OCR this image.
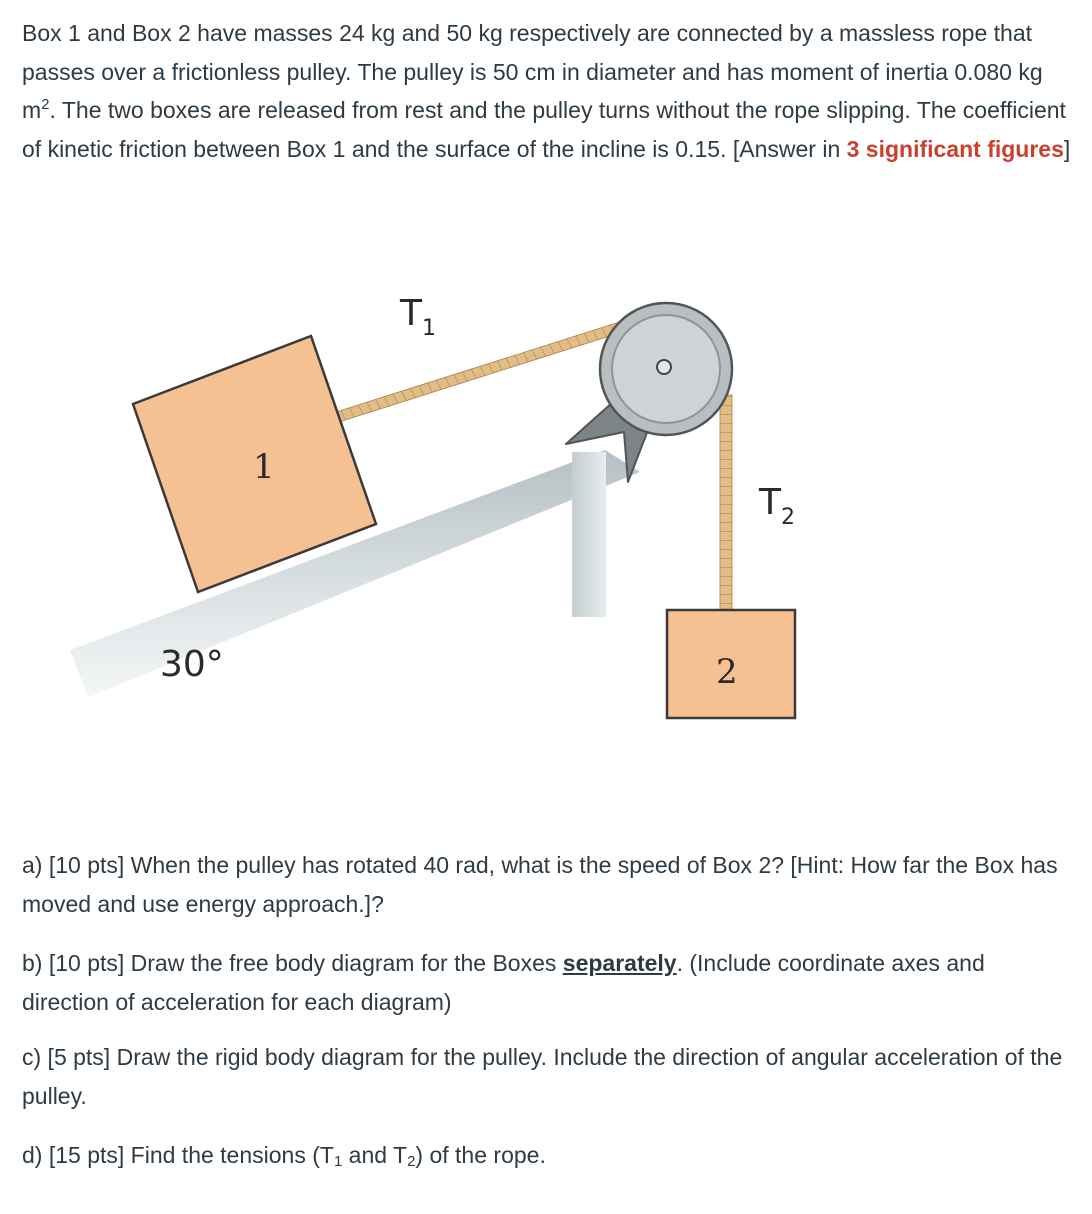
Box 1 and Box 2 have masses 24 kg and 50 kg respectively are connected by a massless rope that passes over a frictionless pulley. The pulley is 50 cm in diameter and has moment of inertia 0.080 kg $m^2$. The two boxes are released from rest and the pulley turns without the rope slipping. The coefficient of kinetic friction between Box 1 and the surface of the incline is 0.15. [Answer in 3 significant figures]
1
2
30°
$T_1$
$T_2$
a) [10 pts] When the pulley has rotated 40 rad, what is the speed of Box 2? [Hint: How far the Box has moved and use energy approach.]?
b) [10 pts] Draw the free body diagram for the Boxes separately. (Include coordinate axes and direction of acceleration for each diagram)
c) [5 pts] Draw the rigid body diagram for the pulley. Include the direction of angular acceleration of the pulley.
d) [15 pts] Find the tensions ($T_1$ and $T_2$) of the rope.
